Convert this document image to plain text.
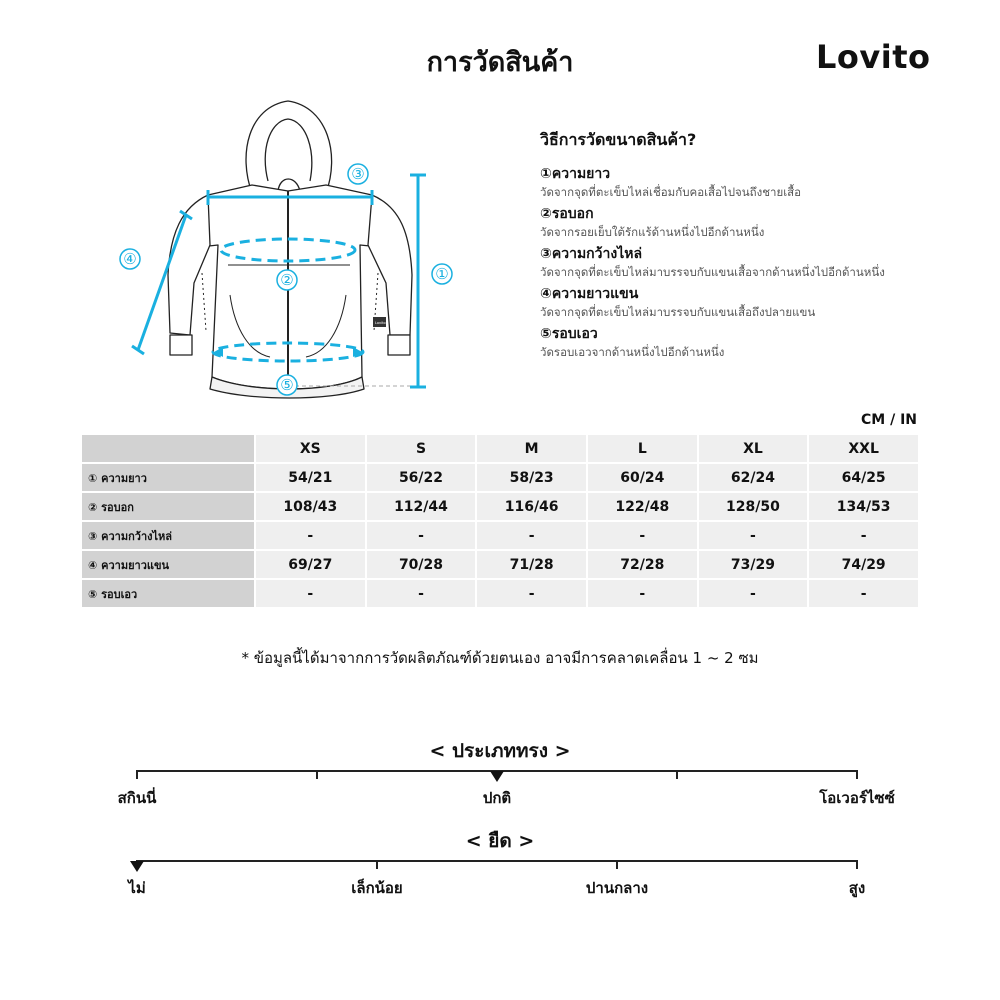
การวัดสินค้า	Lovito
Lovito
③
①
④
②
⑤
วิธีการวัดขนาดสินค้า?
①ความยาว
วัดจากจุดที่ตะเข็บไหล่เชื่อมกับคอเสื้อไปจนถึงชายเสื้อ
②รอบอก
วัดจากรอยเย็บใต้รักแร้ด้านหนึ่งไปอีกด้านหนึ่ง
③ความกว้างไหล่
วัดจากจุดที่ตะเข็บไหล่มาบรรจบกับแขนเสื้อจากด้านหนึ่งไปอีกด้านหนึ่ง
④ความยาวแขน
วัดจากจุดที่ตะเข็บไหล่มาบรรจบกับแขนเสื้อถึงปลายแขน
⑤รอบเอว
วัดรอบเอวจากด้านหนึ่งไปอีกด้านหนึ่ง
CM / IN
	XS	S	M	L	XL	XXL
① ความยาว	54/21	56/22	58/23	60/24	62/24	64/25
② รอบอก	108/43	112/44	116/46	122/48	128/50	134/53
③ ความกว้างไหล่	-	-	-	-	-	-
④ ความยาวแขน	69/27	70/28	71/28	72/28	73/29	74/29
⑤ รอบเอว	-	-	-	-	-	-
* ข้อมูลนี้ได้มาจากการวัดผลิตภัณฑ์ด้วยตนเอง อาจมีการคลาดเคลื่อน 1 ~ 2 ซม
< ประเภททรง >
สกินนี่	ปกติ	โอเวอร์ไซซ์
< ยืด >
ไม่	เล็กน้อย	ปานกลาง	สูง
